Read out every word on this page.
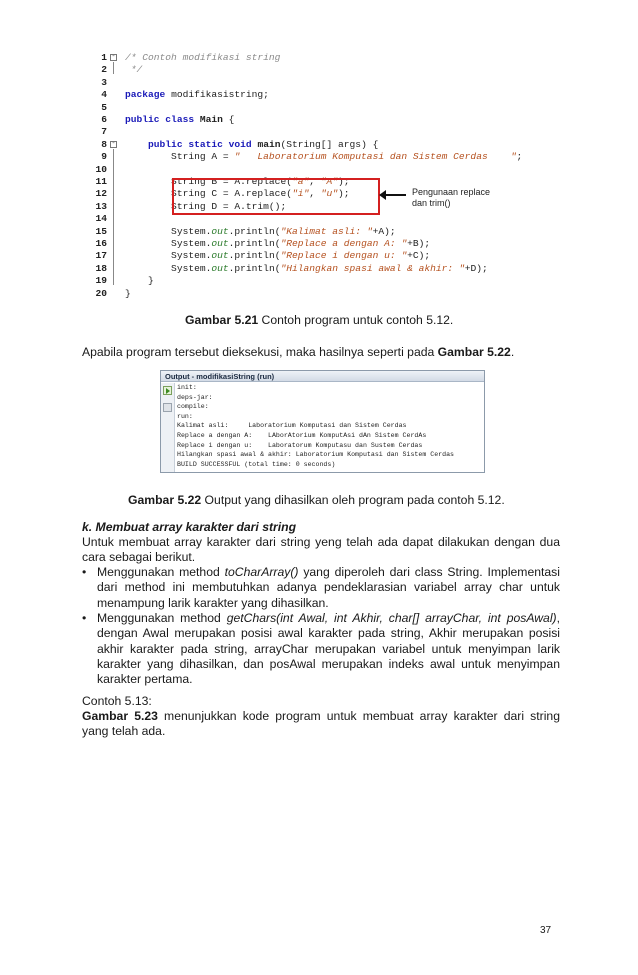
1 /* Contoh modifikasi string
-
2 */
3
4 package modifikasistring;
5
6 public class Main {
7
8 public static void main(String[] args) {
-
9 String A = "   Laboratorium Komputasi dan Sistem Cerdas    ";
10
11 String B = A.replace("a", "A");
12 String C = A.replace("i", "u");
13 String D = A.trim();
14
15 System.out.println("Kalimat asli: "+A);
16 System.out.println("Replace a dengan A: "+B);
17 System.out.println("Replace i dengan u: "+C);
18 System.out.println("Hilangkan spasi awal & akhir: "+D);
19 }
20 }
Pengunaan replace
dan trim()
Gambar 5.21 Contoh program untuk contoh 5.12.
Apabila program tersebut dieksekusi, maka hasilnya seperti pada Gambar 5.22.
Output - modifikasiString (run)
init:
deps-jar:
compile:
run:
Kalimat asli:     Laboratorium Komputasi dan Sistem Cerdas
Replace a dengan A:    LAborAtorium KomputAsi dAn Sistem CerdAs
Replace i dengan u:    Laboratorum Komputasu dan Sustem Cerdas
Hilangkan spasi awal & akhir: Laboratorium Komputasi dan Sistem Cerdas
BUILD SUCCESSFUL (total time: 0 seconds)
Gambar 5.22 Output yang dihasilkan oleh program pada contoh 5.12.
k. Membuat array karakter dari string
Untuk membuat array karakter dari string yeng telah ada dapat dilakukan dengan dua cara sebagai berikut.
• Menggunakan method toCharArray() yang diperoleh dari class String. Implementasi dari method ini membutuhkan adanya pendeklarasian variabel array char untuk menampung larik karakter yang dihasilkan.
• Menggunakan method getChars(int Awal, int Akhir, char[] arrayChar, int posAwal), dengan Awal merupakan posisi awal karakter pada string, Akhir merupakan posisi akhir karakter pada string, arrayChar merupakan variabel untuk menyimpan larik karakter yang dihasilkan, dan posAwal merupakan indeks awal untuk menyimpan karakter pertama.
Contoh 5.13:
Gambar 5.23 menunjukkan kode program untuk membuat array karakter dari string yang telah ada.
37
